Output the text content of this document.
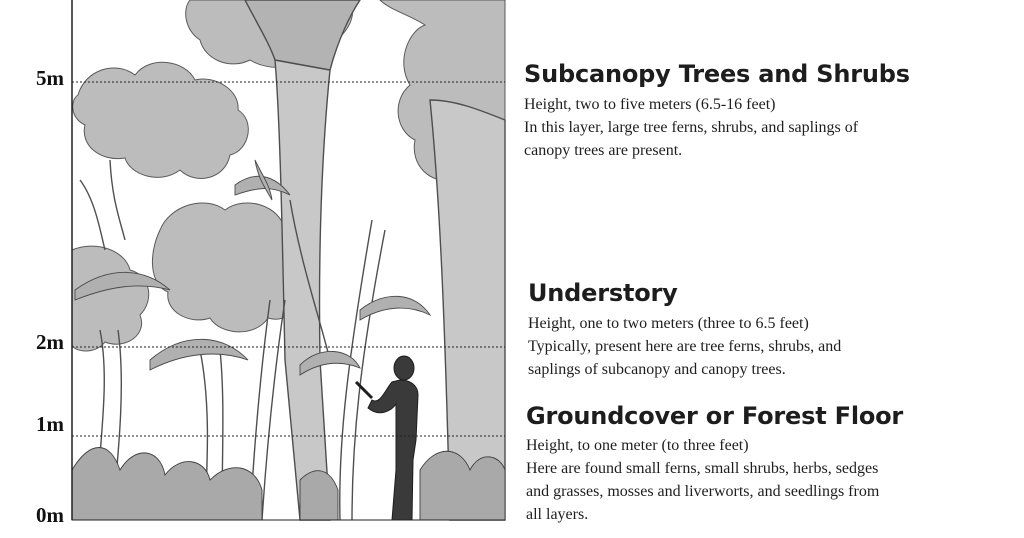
5m
2m
1m
0m
Subcanopy Trees and Shrubs

Height, two to five meters (6.5-16 feet)

In this layer, large tree ferns, shrubs, and saplings of

canopy trees are present.

Understory

Height, one to two meters (three to 6.5 feet)

Typically, present here are tree ferns, shrubs, and

saplings of subcanopy and canopy trees.

Groundcover or Forest Floor

Height, to one meter (to three feet)

Here are found small ferns, small shrubs, herbs, sedges

and grasses, mosses and liverworts, and seedlings from

all layers.
